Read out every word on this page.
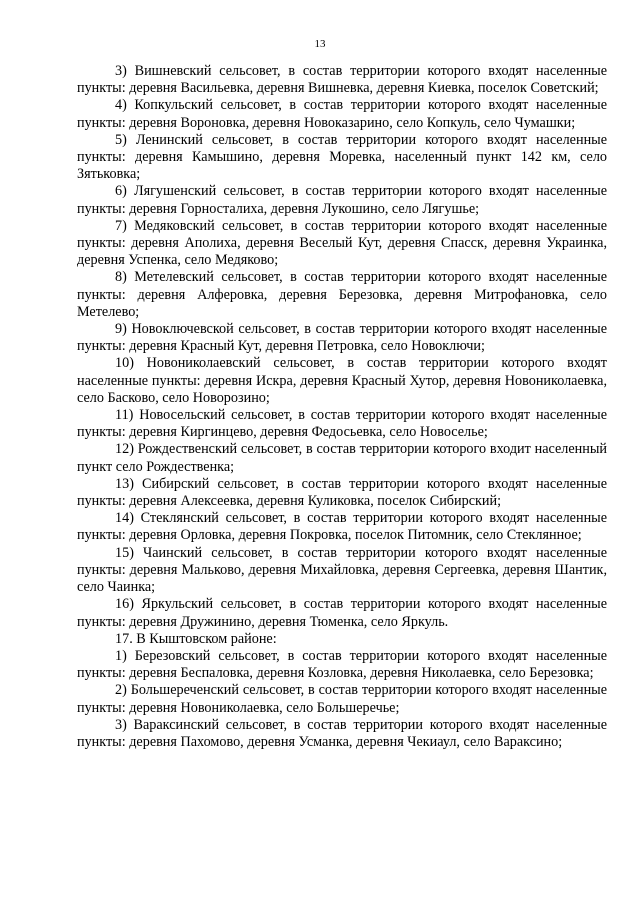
13

3) Вишневский сельсовет, в состав территории которого входят населенные пункты: деревня Васильевка, деревня Вишневка, деревня Киевка, поселок Советский;

4) Копкульский сельсовет, в состав территории которого входят населенные пункты: деревня Вороновка, деревня Новоказарино, село Копкуль, село Чумашки;

5) Ленинский сельсовет, в состав территории которого входят населенные пункты: деревня Камышино, деревня Моревка, населенный пункт 142 км, село Зятьковка;

6) Лягушенский сельсовет, в состав территории которого входят населенные пункты: деревня Горносталиха, деревня Лукошино, село Лягушье;

7) Медяковский сельсовет, в состав территории которого входят населенные пункты: деревня Аполиха, деревня Веселый Кут, деревня Спасск, деревня Украинка, деревня Успенка, село Медяково;

8) Метелевский сельсовет, в состав территории которого входят населенные пункты: деревня Алферовка, деревня Березовка, деревня Митрофановка, село Метелево;

9) Новоключевской сельсовет, в состав территории которого входят населенные пункты: деревня Красный Кут, деревня Петровка, село Новоключи;

10) Новониколаевский сельсовет, в состав территории которого входят населенные пункты: деревня Искра, деревня Красный Хутор, деревня Новониколаевка, село Басково, село Новорозино;

11) Новосельский сельсовет, в состав территории которого входят населенные пункты: деревня Киргинцево, деревня Федосьевка, село Новоселье;

12) Рождественский сельсовет, в состав территории которого входит населенный пункт село Рождественка;

13) Сибирский сельсовет, в состав территории которого входят населенные пункты: деревня Алексеевка, деревня Куликовка, поселок Сибирский;

14) Стеклянский сельсовет, в состав территории которого входят населенные пункты: деревня Орловка, деревня Покровка, поселок Питомник, село Стеклянное;

15) Чаинский сельсовет, в состав территории которого входят населенные пункты: деревня Мальково, деревня Михайловка, деревня Сергеевка, деревня Шантик, село Чаинка;

16) Яркульский сельсовет, в состав территории которого входят населенные пункты: деревня Дружинино, деревня Тюменка, село Яркуль.

17. В Кыштовском районе:

1) Березовский сельсовет, в состав территории которого входят населенные пункты: деревня Беспаловка, деревня Козловка, деревня Николаевка, село Березовка;

2) Большереченский сельсовет, в состав территории которого входят населенные пункты: деревня Новониколаевка, село Большеречье;

3) Вараксинский сельсовет, в состав территории которого входят населенные пункты: деревня Пахомово, деревня Усманка, деревня Чекиаул, село Вараксино;
